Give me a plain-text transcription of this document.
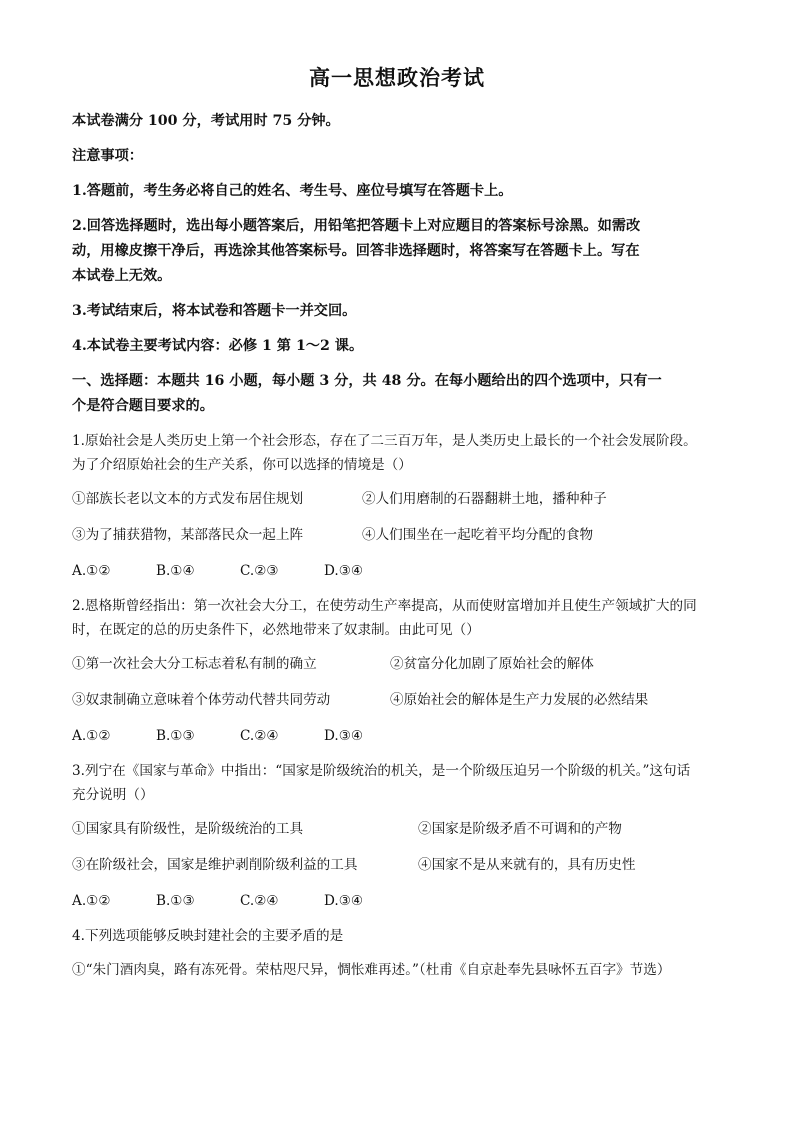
高一思想政治考试
本试卷满分 100 分，考试用时 75 分钟。
注意事项：
1.答题前，考生务必将自己的姓名、考生号、座位号填写在答题卡上。
2.回答选择题时，选出每小题答案后，用铅笔把答题卡上对应题目的答案标号涂黑。如需改
动，用橡皮擦干净后，再选涂其他答案标号。回答非选择题时，将答案写在答题卡上。写在
本试卷上无效。
3.考试结束后，将本试卷和答题卡一并交回。
4.本试卷主要考试内容：必修 1 第 1～2 课。
一、选择题：本题共 16 小题，每小题 3 分，共 48 分。在每小题给出的四个选项中，只有一
个是符合题目要求的。
1.原始社会是人类历史上第一个社会形态，存在了二三百万年，是人类历史上最长的一个社会发展阶段。
为了介绍原始社会的生产关系，你可以选择的情境是（）
①部族长老以文本的方式发布居住规划	②人们用磨制的石器翻耕土地，播种种子
③为了捕获猎物，某部落民众一起上阵	④人们围坐在一起吃着平均分配的食物
A.①②	B.①④	C.②③	D.③④
2.恩格斯曾经指出：第一次社会大分工，在使劳动生产率提高，从而使财富增加并且使生产领域扩大的同
时，在既定的总的历史条件下，必然地带来了奴隶制。由此可见（）
①第一次社会大分工标志着私有制的确立	②贫富分化加剧了原始社会的解体
③奴隶制确立意味着个体劳动代替共同劳动	④原始社会的解体是生产力发展的必然结果
A.①②	B.①③	C.②④	D.③④
3.列宁在《国家与革命》中指出：“国家是阶级统治的机关，是一个阶级压迫另一个阶级的机关。”这句话
充分说明（）
①国家具有阶级性，是阶级统治的工具	②国家是阶级矛盾不可调和的产物
③在阶级社会，国家是维护剥削阶级利益的工具	④国家不是从来就有的，具有历史性
A.①②	B.①③	C.②④	D.③④
4.下列选项能够反映封建社会的主要矛盾的是
①“朱门酒肉臭，路有冻死骨。荣枯咫尺异，惆怅难再述。”（杜甫《自京赴奉先县咏怀五百字》节选）
